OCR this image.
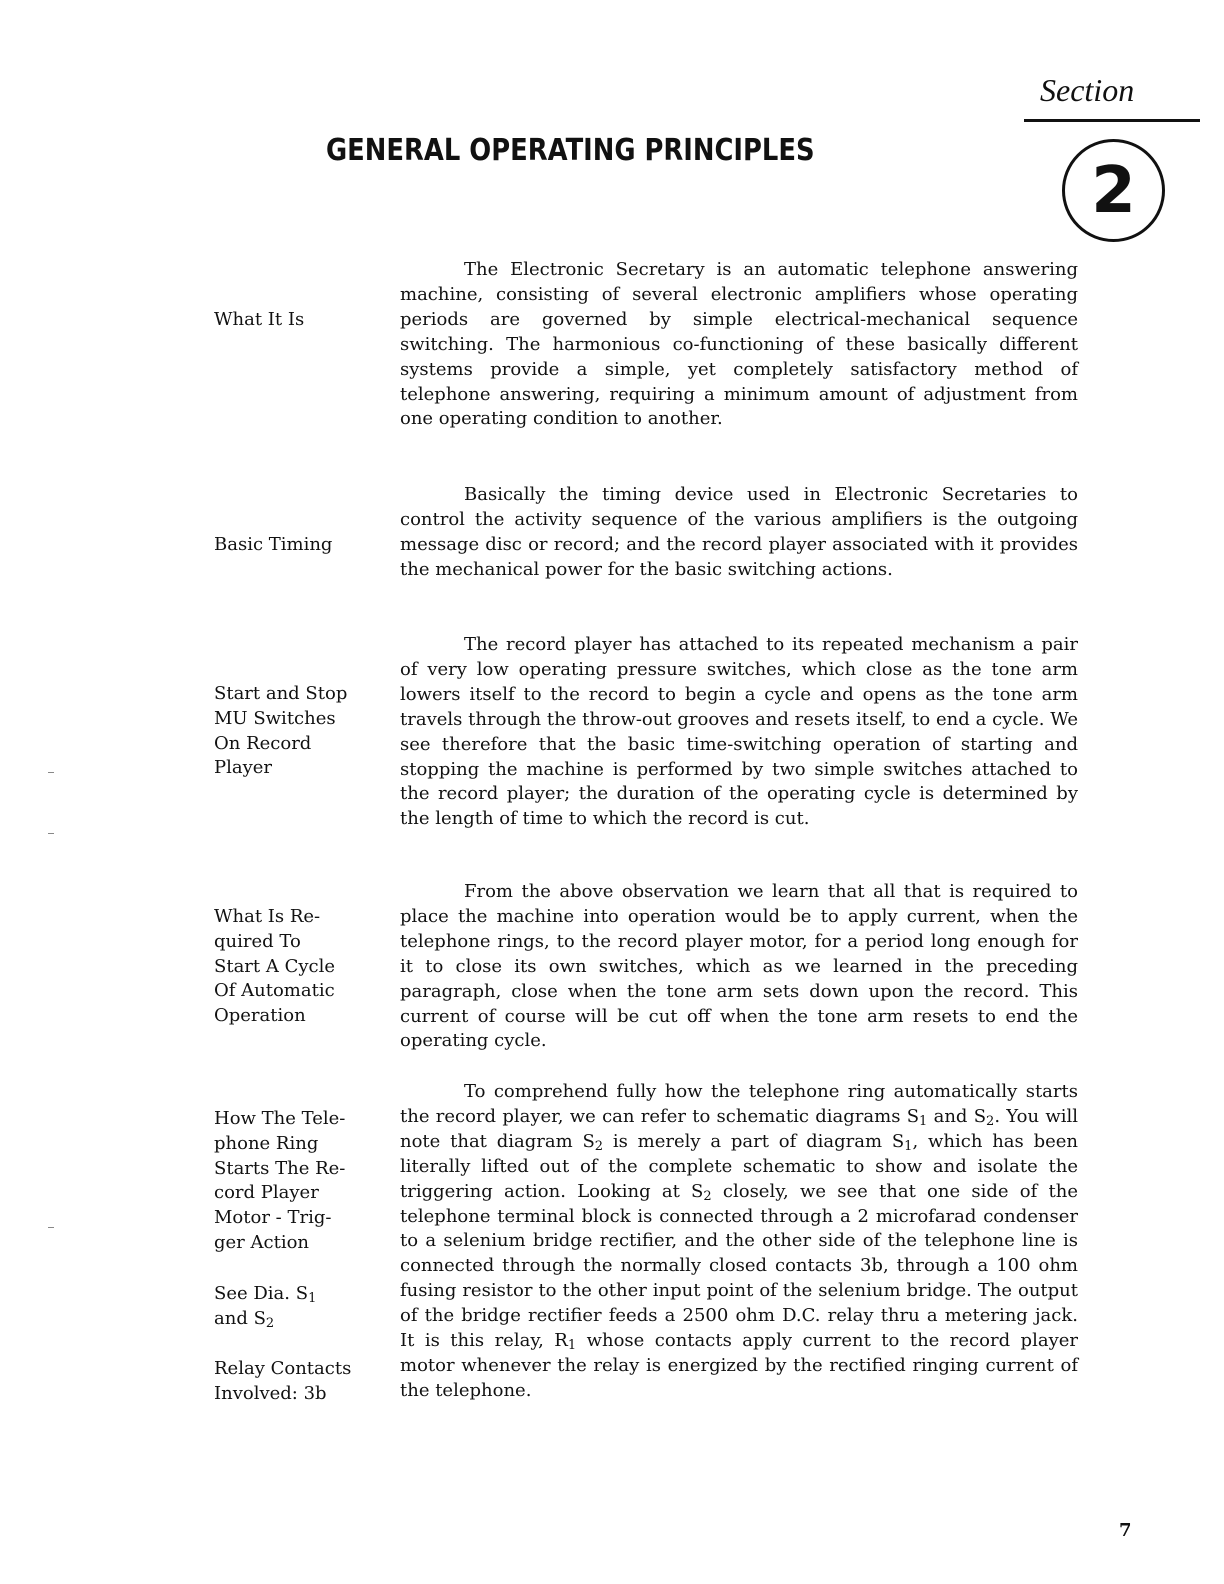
Section
2
GENERAL OPERATING PRINCIPLES
What It Is

The Electronic Secretary is an automatic telephone answering machine, consisting of several electronic amplifiers whose operating periods are governed by simple electrical-mechanical sequence switching. The harmonious co-functioning of these basically different systems provide a simple, yet completely satisfactory method of telephone answering, requiring a minimum amount of adjustment from one operating condition to another.

Basic Timing

Basically the timing device used in Electronic Secretaries to control the activity sequence of the various amplifiers is the outgoing message disc or record; and the record player associated with it provides the mechanical power for the basic switching actions.

Start and Stop
MU Switches
On Record
Player

The record player has attached to its repeated mechanism a pair of very low operating pressure switches, which close as the tone arm lowers itself to the record to begin a cycle and opens as the tone arm travels through the throw-out grooves and resets itself, to end a cycle. We see therefore that the basic time-switching operation of starting and stopping the machine is performed by two simple switches attached to the record player; the duration of the operating cycle is determined by the length of time to which the record is cut.

What Is Re-
quired To
Start A Cycle
Of Automatic
Operation

From the above observation we learn that all that is required to place the machine into operation would be to apply current, when the telephone rings, to the record player motor, for a period long enough for it to close its own switches, which as we learned in the preceding paragraph, close when the tone arm sets down upon the record. This current of course will be cut off when the tone arm resets to end the operating cycle.

How The Tele-
phone Ring
Starts The Re-
cord Player
Motor - Trig-
ger Action
See Dia. $S_1$
and $S_2$
Relay Contacts
Involved: 3b

To comprehend fully how the telephone ring automatically starts the record player, we can refer to schematic diagrams $S_1$ and $S_2$. You will note that diagram $S_2$ is merely a part of diagram $S_1$, which has been literally lifted out of the complete schematic to show and isolate the triggering action. Looking at $S_2$ closely, we see that one side of the telephone terminal block is connected through a 2 microfarad condenser to a selenium bridge rectifier, and the other side of the telephone line is connected through the normally closed contacts 3b, through a 100 ohm fusing resistor to the other input point of the selenium bridge. The output of the bridge rectifier feeds a 2500 ohm D.C. relay thru a metering jack. It is this relay, $R_1$ whose contacts apply current to the record player motor whenever the relay is energized by the rectified ringing current of the telephone.

7
